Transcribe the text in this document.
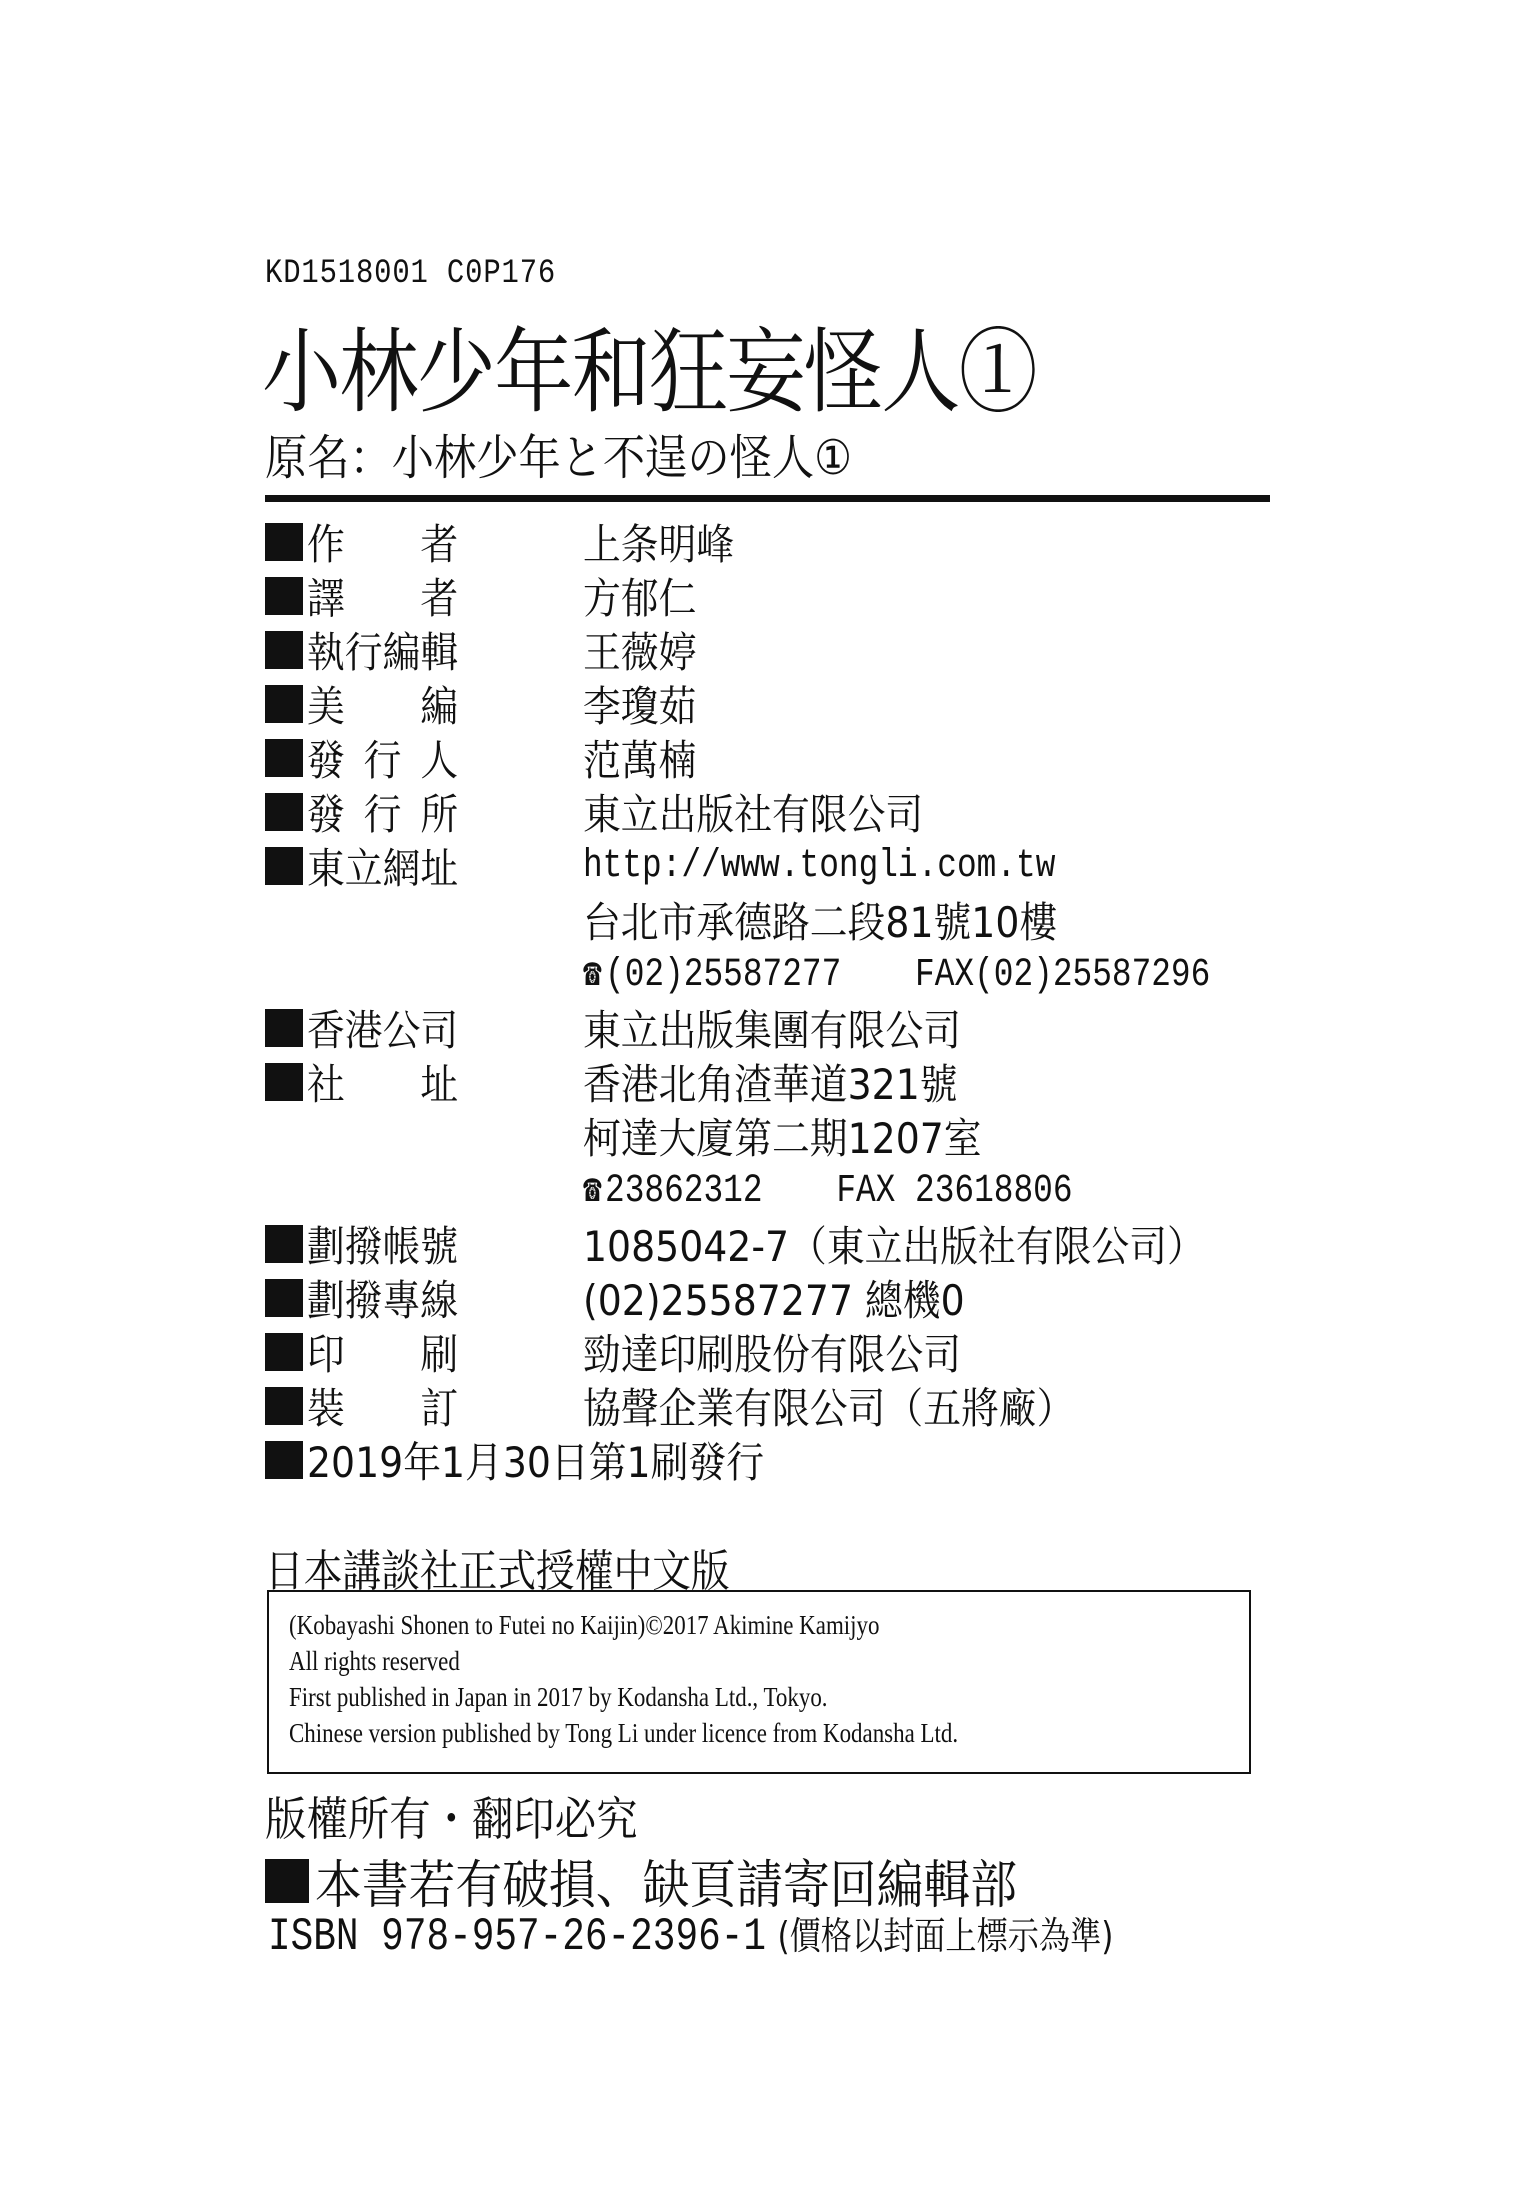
KD1518001 C0P176
小林少年和狂妄怪人①
原名：小林少年と不逞の怪人①
作 者	上条明峰
譯 者	方郁仁
執行編輯	王薇婷
美 編	李瓊茹
發 行 人	范萬楠
發 行 所	東立出版社有限公司
東立網址	http://www.tongli.com.tw
台北市承德路二段81號10樓
☎(02)25587277 FAX(02)25587296
香港公司	東立出版集團有限公司
社 址	香港北角渣華道321號
柯達大廈第二期1207室
☎23862312 FAX 23618806
劃撥帳號	1085042-7（東立出版社有限公司）
劃撥專線	(02)25587277 總機0
印 刷	勁達印刷股份有限公司
裝 訂	協聲企業有限公司（五將廠）
2019年1月30日第1刷發行
日本講談社正式授權中文版
(Kobayashi Shonen to Futei no Kaijin)©2017 Akimine Kamijyo
All rights reserved
First published in Japan in 2017 by Kodansha Ltd., Tokyo.
Chinese version published by Tong Li under licence from Kodansha Ltd.
版權所有・翻印必究
本書若有破損、缺頁請寄回編輯部
ISBN 978-957-26-2396-1 (價格以封面上標示為準)
